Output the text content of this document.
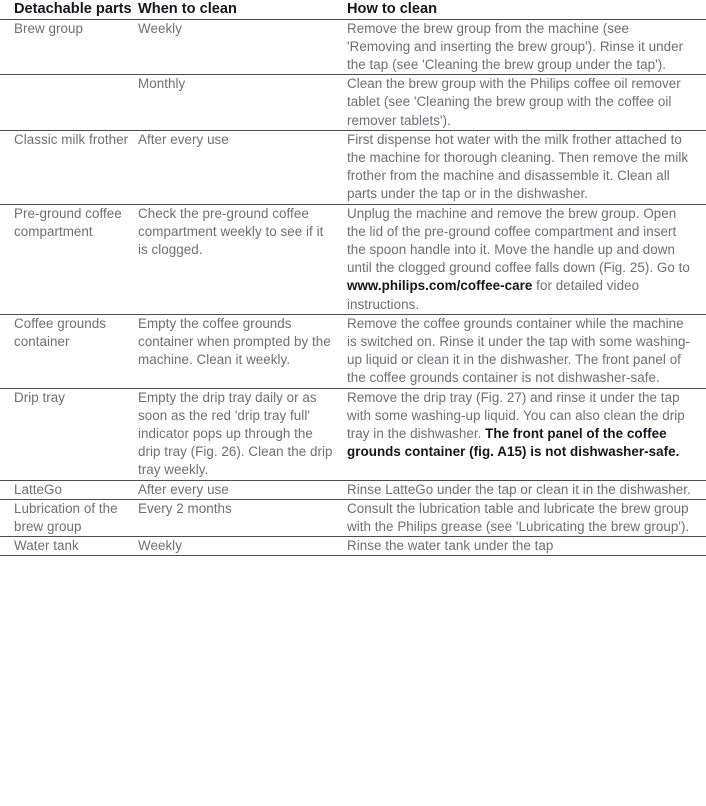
Detachable parts	When to clean	How to clean
Brew group	Weekly	Remove the brew group from the machine (see 'Removing and inserting the brew group'). Rinse it under the tap (see 'Cleaning the brew group under the tap').
	Monthly	Clean the brew group with the Philips coffee oil remover tablet (see 'Cleaning the brew group with the coffee oil remover tablets').
Classic milk frother	After every use	First dispense hot water with the milk frother attached to the machine for thorough cleaning. Then remove the milk frother from the machine and disassemble it. Clean all parts under the tap or in the dishwasher.
Pre-ground coffee compartment	Check the pre-ground coffee compartment weekly to see if it is clogged.	Unplug the machine and remove the brew group. Open the lid of the pre-ground coffee compartment and insert the spoon handle into it. Move the handle up and down until the clogged ground coffee falls down (Fig. 25). Go to www.philips.com/coffee-care for detailed video instructions.
Coffee grounds container	Empty the coffee grounds container when prompted by the machine. Clean it weekly.	Remove the coffee grounds container while the machine is switched on. Rinse it under the tap with some washing-up liquid or clean it in the dishwasher. The front panel of the coffee grounds container is not dishwasher-safe.
Drip tray	Empty the drip tray daily or as soon as the red 'drip tray full' indicator pops up through the drip tray (Fig. 26). Clean the drip tray weekly.	Remove the drip tray (Fig. 27) and rinse it under the tap with some washing-up liquid. You can also clean the drip tray in the dishwasher. The front panel of the coffee grounds container (fig. A15) is not dishwasher-safe.
LatteGo	After every use	Rinse LatteGo under the tap or clean it in the dishwasher.
Lubrication of the brew group	Every 2 months	Consult the lubrication table and lubricate the brew group with the Philips grease (see 'Lubricating the brew group').
Water tank	Weekly	Rinse the water tank under the tap
